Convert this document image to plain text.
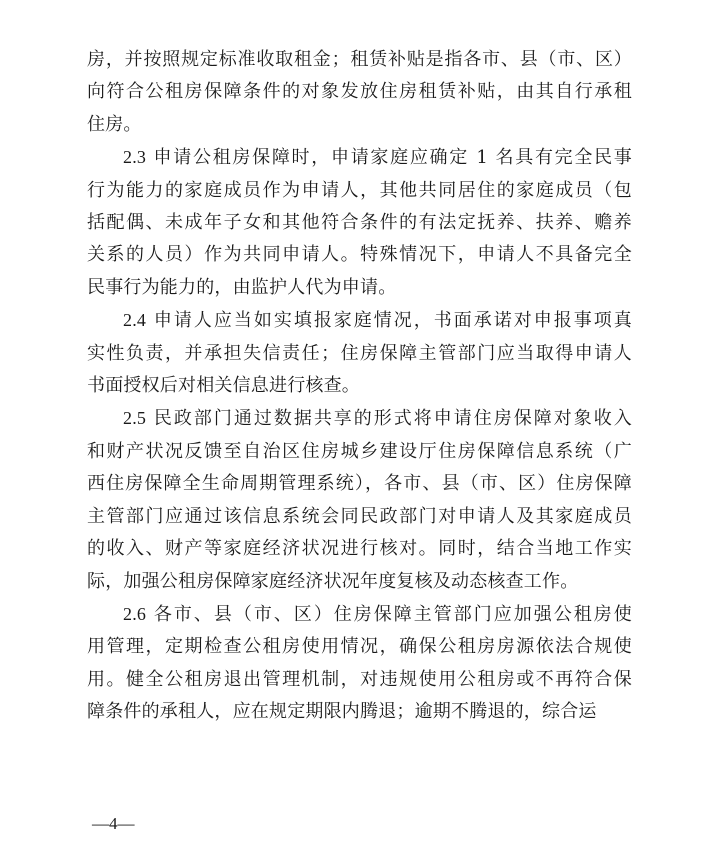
房，并按照规定标准收取租金；租赁补贴是指各市、县（市、区）
向符合公租房保障条件的对象发放住房租赁补贴，由其自行承租
住房。
2.3 申请公租房保障时，申请家庭应确定 1 名具有完全民事
行为能力的家庭成员作为申请人，其他共同居住的家庭成员（包
括配偶、未成年子女和其他符合条件的有法定抚养、扶养、赡养
关系的人员）作为共同申请人。特殊情况下，申请人不具备完全
民事行为能力的，由监护人代为申请。
2.4 申请人应当如实填报家庭情况，书面承诺对申报事项真
实性负责，并承担失信责任；住房保障主管部门应当取得申请人
书面授权后对相关信息进行核查。
2.5 民政部门通过数据共享的形式将申请住房保障对象收入
和财产状况反馈至自治区住房城乡建设厅住房保障信息系统（广
西住房保障全生命周期管理系统），各市、县（市、区）住房保障
主管部门应通过该信息系统会同民政部门对申请人及其家庭成员
的收入、财产等家庭经济状况进行核对。同时，结合当地工作实
际，加强公租房保障家庭经济状况年度复核及动态核查工作。
2.6 各市、县（市、区）住房保障主管部门应加强公租房使
用管理，定期检查公租房使用情况，确保公租房房源依法合规使
用。健全公租房退出管理机制，对违规使用公租房或不再符合保
障条件的承租人，应在规定期限内腾退；逾期不腾退的，综合运
—4—
